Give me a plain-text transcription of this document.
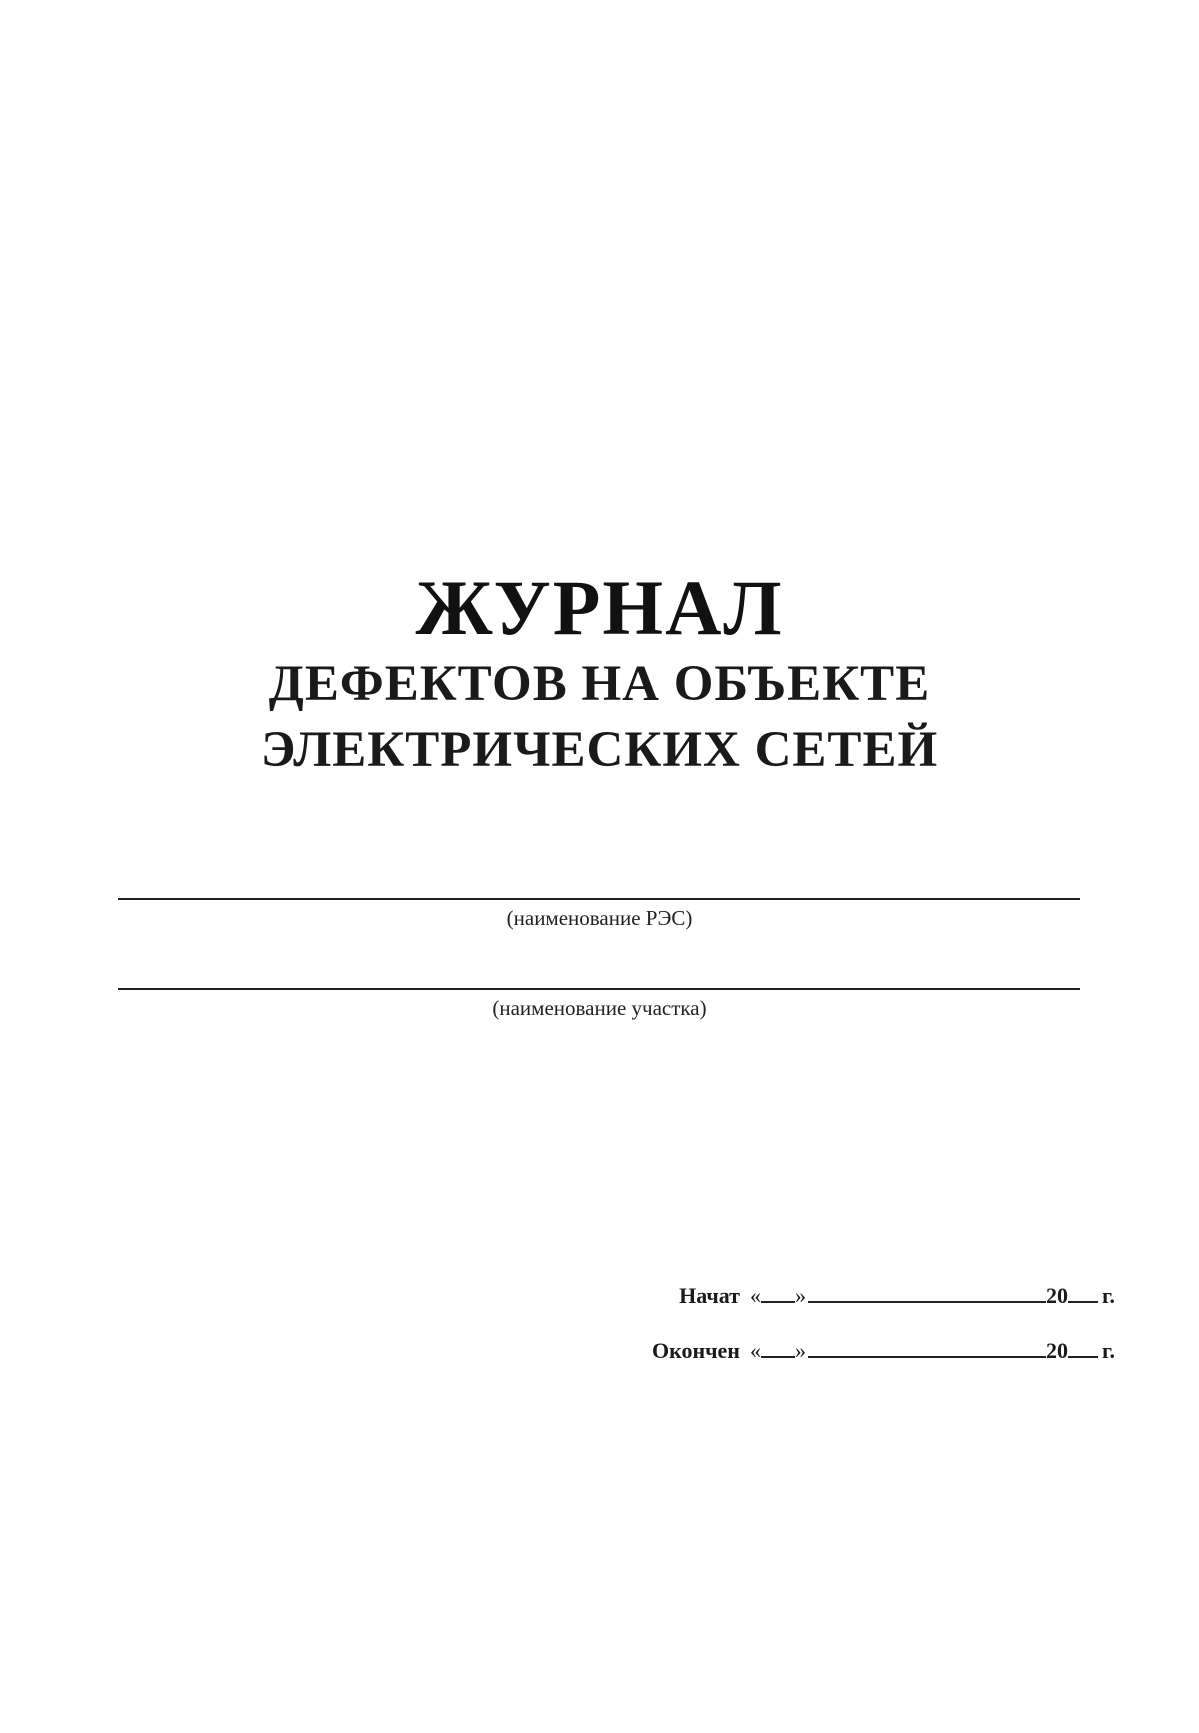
ЖУРНАЛ
ДЕФЕКТОВ НА ОБЪЕКТЕ
ЭЛЕКТРИЧЕСКИХ СЕТЕЙ
(наименование РЭС)
(наименование участка)
Начат « »	20 г.
Окончен « »	20 г.
